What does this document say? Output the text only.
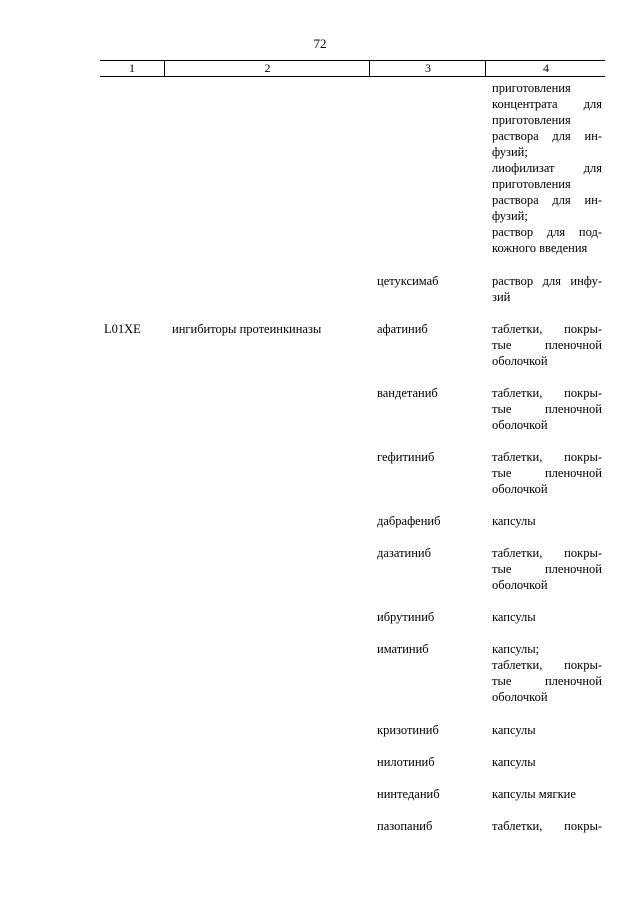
72
1	2	3	4
приготовления
концентрата для
приготовления
раствора для ин-
фузий;
лиофилизат для
приготовления
раствора для ин-
фузий;
раствор для под-
кожного введения
цетуксимаб	раствор для инфу-
зий
L01XE	ингибиторы протеинкиназы	афатиниб	таблетки, покры-
тые пленочной
оболочкой
вандетаниб	таблетки, покры-
тые пленочной
оболочкой
гефитиниб	таблетки, покры-
тые пленочной
оболочкой
дабрафениб	капсулы
дазатиниб	таблетки, покры-
тые пленочной
оболочкой
ибрутиниб	капсулы
иматиниб	капсулы;
таблетки, покры-
тые пленочной
оболочкой
кризотиниб	капсулы
нилотиниб	капсулы
нинтеданиб	капсулы мягкие
пазопаниб	таблетки, покры-
